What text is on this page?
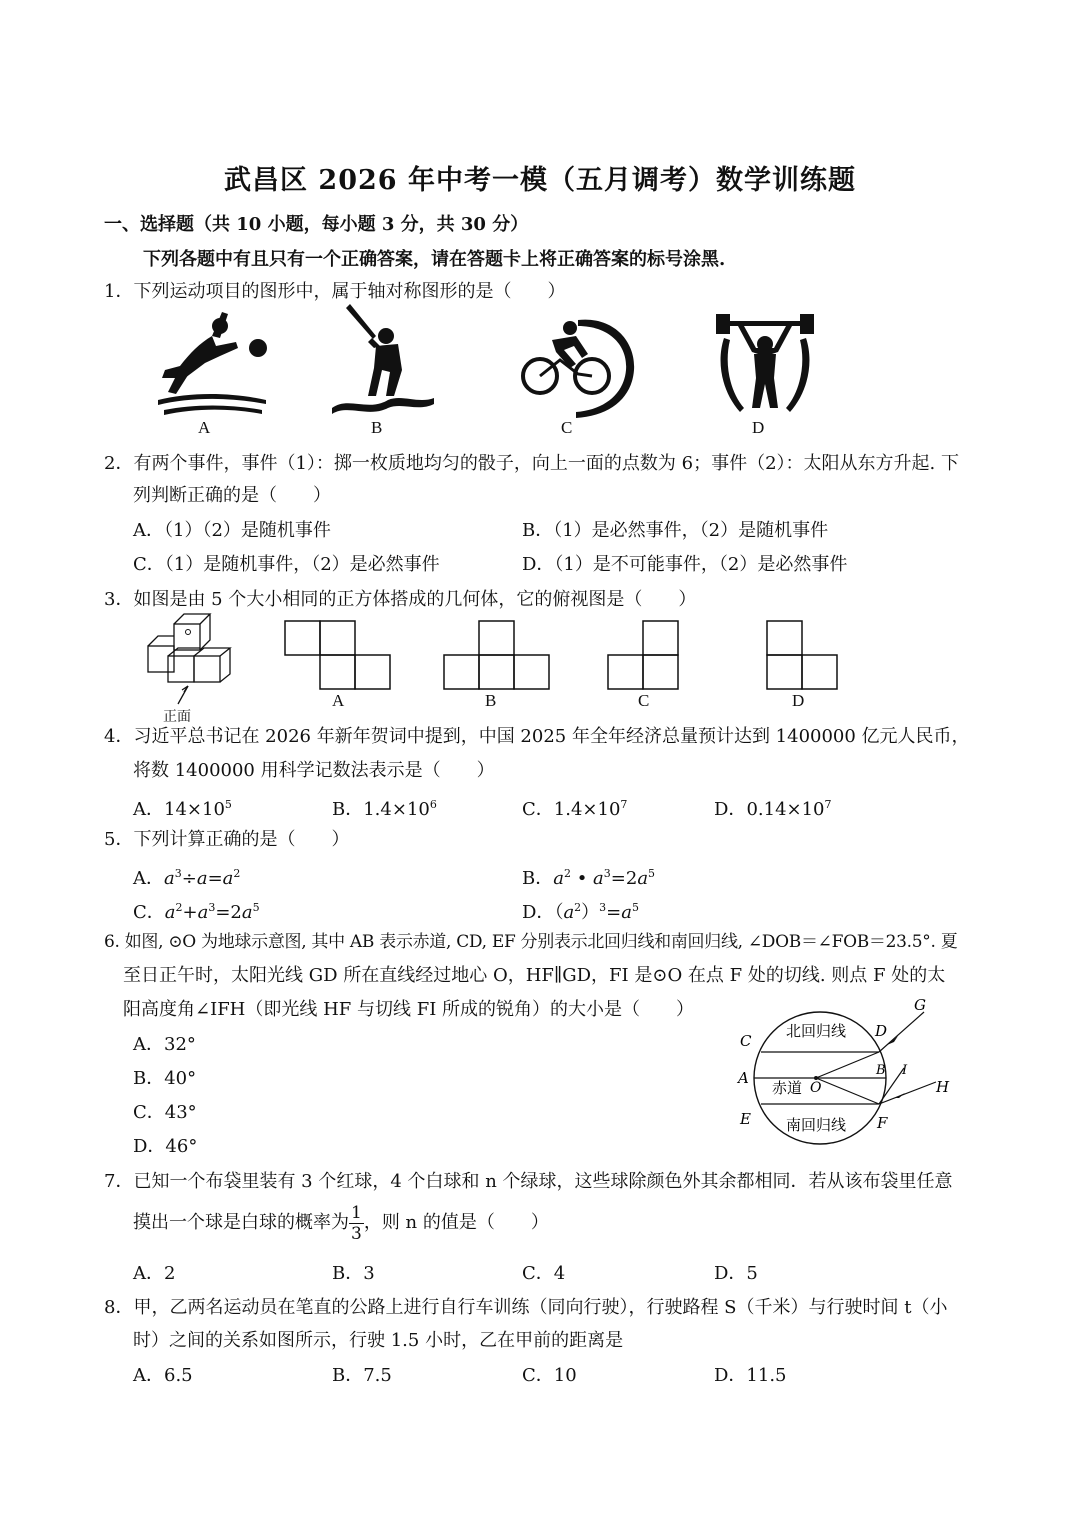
武昌区 2026 年中考一模（五月调考）数学训练题
一、选择题（共 10 小题，每小题 3 分，共 30 分）
下列各题中有且只有一个正确答案，请在答题卡上将正确答案的标号涂黑.
1．下列运动项目的图形中，属于轴对称图形的是（　　）
A	B	C	D
2．有两个事件，事件（1）：掷一枚质地均匀的骰子，向上一面的点数为 6；事件（2）：太阳从东方升起. 下
列判断正确的是（　　）
A．（1）（2）是随机事件	B．（1）是必然事件，（2）是随机事件
C．（1）是随机事件，（2）是必然事件	D．（1）是不可能事件，（2）是必然事件
3．如图是由 5 个大小相同的正方体搭成的几何体，它的俯视图是（　　）
正面
A	B	C	D
4．习近平总书记在 2026 年新年贺词中提到，中国 2025 年全年经济总量预计达到 1400000 亿元人民币，
将数 1400000 用科学记数法表示是（　　）
A．$14\times 10^5$	B．$1.4\times 10^6$	C．$1.4\times 10^7$	D．$0.14\times 10^7$
5．下列计算正确的是（　　）
A．$a^3\div a=a^2$	B．$a^2$ • $a^3=2a^5$
C．$a^2+a^3=2a^5$	D．$(a^2)^3=a^5$
6. 如图, ⊙O 为地球示意图, 其中 AB 表示赤道, CD, EF 分别表示北回归线和南回归线, ∠DOB＝∠FOB＝23.5°. 夏
至日正午时，太阳光线 GD 所在直线经过地心 O，HF∥GD，FI 是⊙O 在点 F 处的切线. 则点 F 处的太
阳高度角∠IFH（即光线 HF 与切线 FI 所成的锐角）的大小是（　　）
A．32°
B．40°
C．43°
D．46°
A	B
C
D
E	F
G
H
I
O
北回归线
赤道
南回归线
7．已知一个布袋里装有 3 个红球，4 个白球和 n 个绿球，这些球除颜色外其余都相同．若从该布袋里任意
摸出一个球是白球的概率为 $\frac{1}{3}$ ，则 n 的值是（　　）
A．2	B．3	C．4	D．5
8．甲，乙两名运动员在笔直的公路上进行自行车训练（同向行驶），行驶路程 S（千米）与行驶时间 t（小
时）之间的关系如图所示，行驶 1.5 小时，乙在甲前的距离是
A．6.5	B．7.5	C．10	D．11.5
